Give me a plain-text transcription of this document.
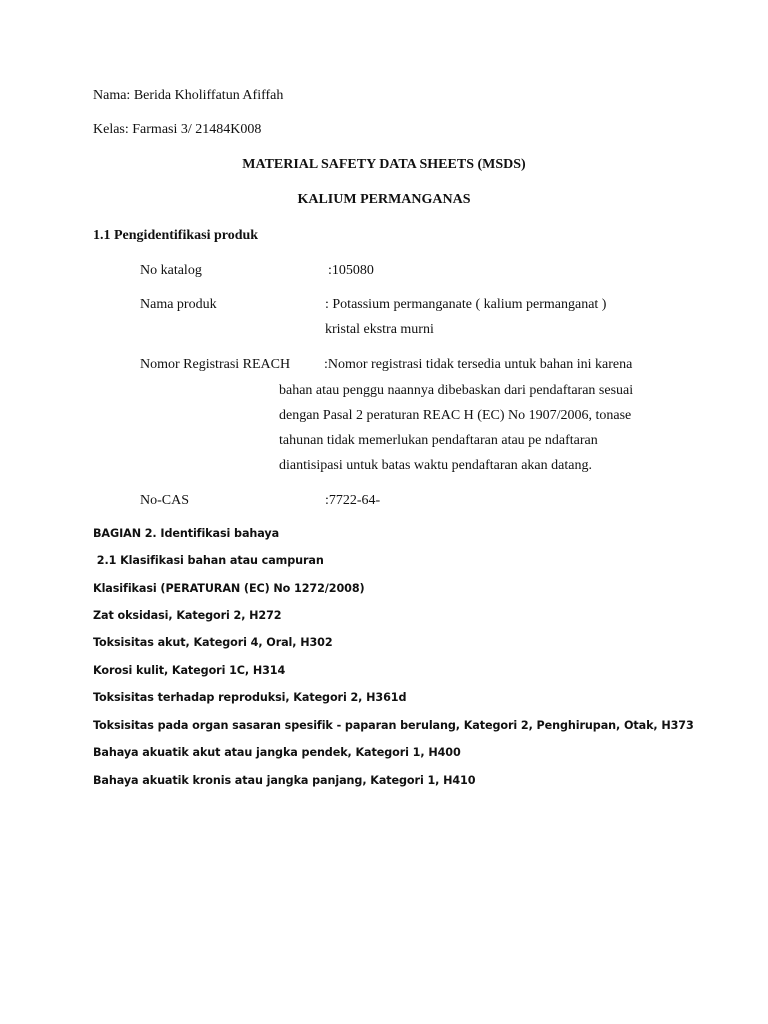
Nama: Berida Kholiffatun Afiffah
Kelas: Farmasi 3/ 21484K008
MATERIAL SAFETY DATA SHEETS (MSDS)
KALIUM PERMANGANAS
1.1 Pengidentifikasi produk
No katalog	:105080
Nama produk	: Potassium permanganate ( kalium permanganat )
kristal ekstra murni
Nomor Registrasi REACH :Nomor registrasi tidak tersedia untuk bahan ini karena
bahan atau penggu naannya dibebaskan dari pendaftaran sesuai
dengan Pasal 2 peraturan REAC H (EC) No 1907/2006, tonase
tahunan tidak memerlukan pendaftaran atau pe ndaftaran
diantisipasi untuk batas waktu pendaftaran akan datang.
No-CAS	:7722-64-
BAGIAN 2. Identifikasi bahaya
2.1 Klasifikasi bahan atau campuran
Klasifikasi (PERATURAN (EC) No 1272/2008)
Zat oksidasi, Kategori 2, H272
Toksisitas akut, Kategori 4, Oral, H302
Korosi kulit, Kategori 1C, H314
Toksisitas terhadap reproduksi, Kategori 2, H361d
Toksisitas pada organ sasaran spesifik - paparan berulang, Kategori 2, Penghirupan, Otak, H373
Bahaya akuatik akut atau jangka pendek, Kategori 1, H400
Bahaya akuatik kronis atau jangka panjang, Kategori 1, H410
